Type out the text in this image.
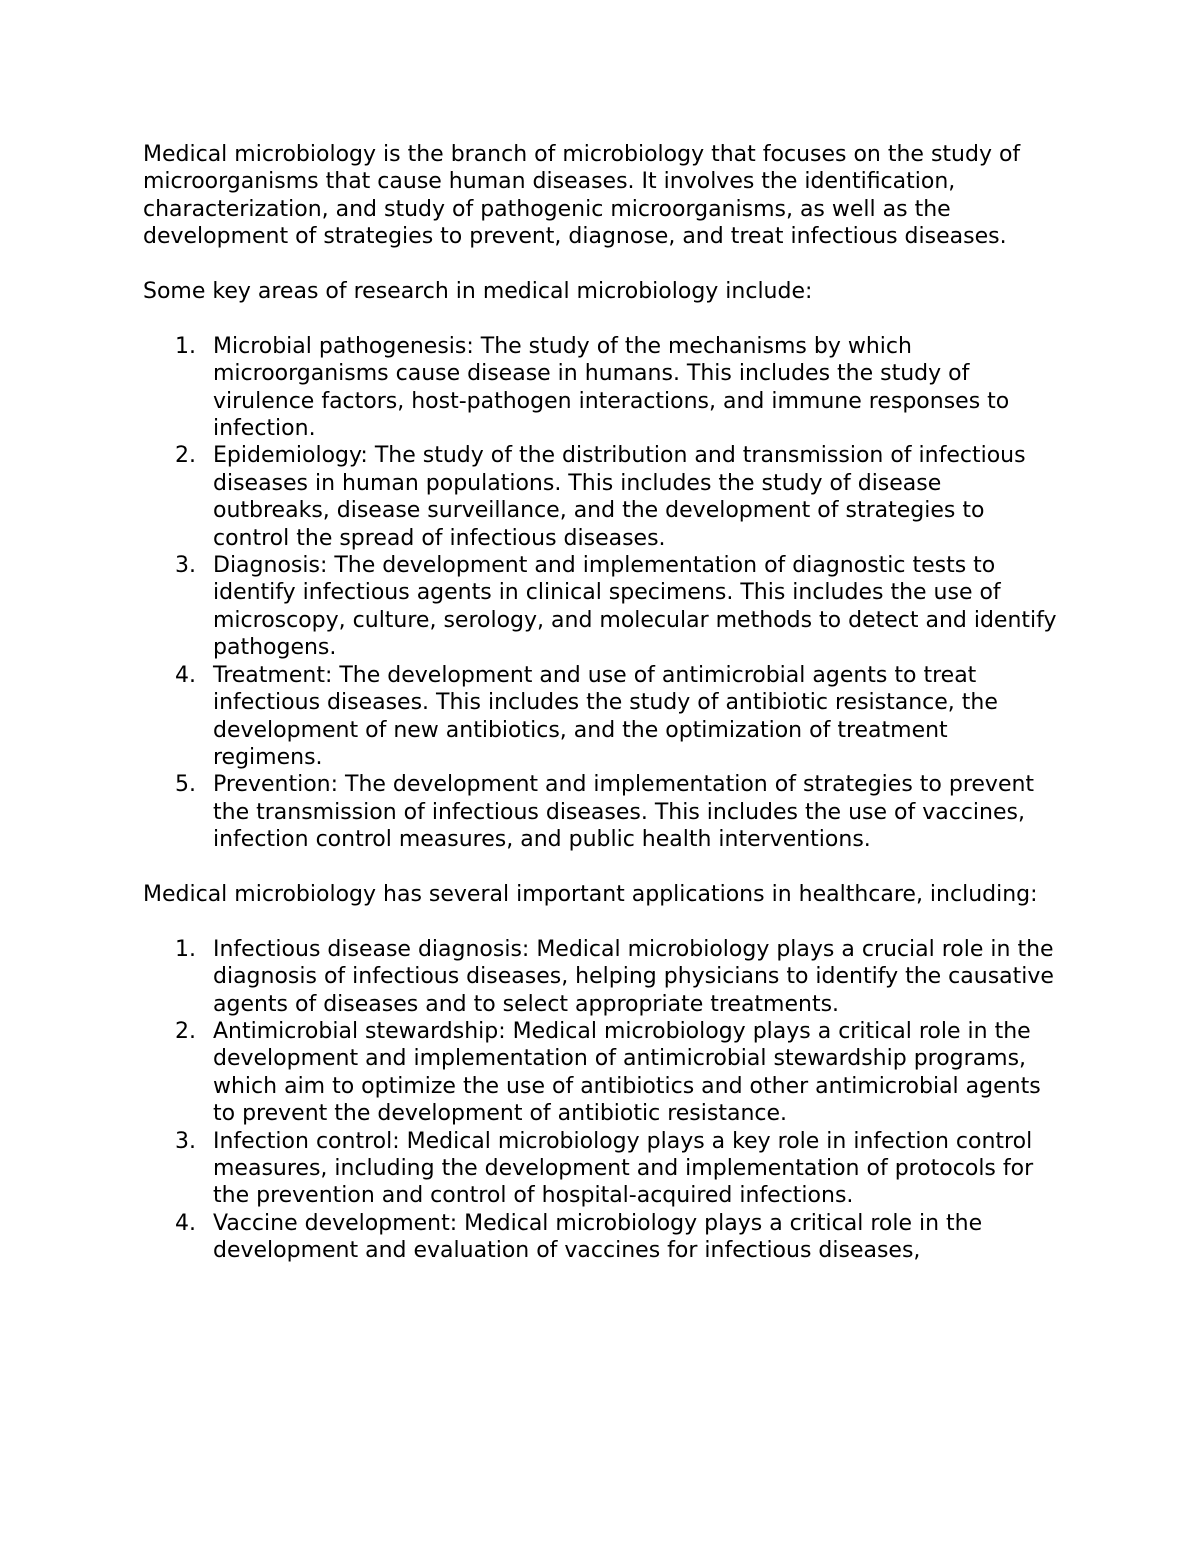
Medical microbiology is the branch of microbiology that focuses on the study of microorganisms that cause human diseases. It involves the identification, characterization, and study of pathogenic microorganisms, as well as the development of strategies to prevent, diagnose, and treat infectious diseases.

Some key areas of research in medical microbiology include:

1. Microbial pathogenesis: The study of the mechanisms by which microorganisms cause disease in humans. This includes the study of virulence factors, host-pathogen interactions, and immune responses to infection.
2. Epidemiology: The study of the distribution and transmission of infectious diseases in human populations. This includes the study of disease outbreaks, disease surveillance, and the development of strategies to control the spread of infectious diseases.
3. Diagnosis: The development and implementation of diagnostic tests to identify infectious agents in clinical specimens. This includes the use of microscopy, culture, serology, and molecular methods to detect and identify pathogens.
4. Treatment: The development and use of antimicrobial agents to treat infectious diseases. This includes the study of antibiotic resistance, the development of new antibiotics, and the optimization of treatment regimens.
5. Prevention: The development and implementation of strategies to prevent the transmission of infectious diseases. This includes the use of vaccines, infection control measures, and public health interventions.

Medical microbiology has several important applications in healthcare, including:

1. Infectious disease diagnosis: Medical microbiology plays a crucial role in the diagnosis of infectious diseases, helping physicians to identify the causative agents of diseases and to select appropriate treatments.
2. Antimicrobial stewardship: Medical microbiology plays a critical role in the development and implementation of antimicrobial stewardship programs, which aim to optimize the use of antibiotics and other antimicrobial agents to prevent the development of antibiotic resistance.
3. Infection control: Medical microbiology plays a key role in infection control measures, including the development and implementation of protocols for the prevention and control of hospital-acquired infections.
4. Vaccine development: Medical microbiology plays a critical role in the development and evaluation of vaccines for infectious diseases,
